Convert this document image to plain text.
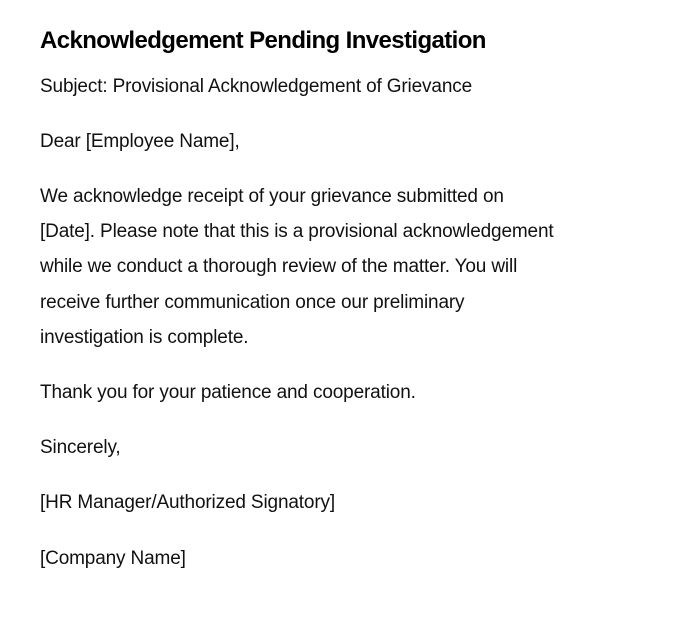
Acknowledgement Pending Investigation

Subject: Provisional Acknowledgement of Grievance

Dear [Employee Name],

We acknowledge receipt of your grievance submitted on

[Date]. Please note that this is a provisional acknowledgement

while we conduct a thorough review of the matter. You will

receive further communication once our preliminary

investigation is complete.

Thank you for your patience and cooperation.

Sincerely,

[HR Manager/Authorized Signatory]

[Company Name]
